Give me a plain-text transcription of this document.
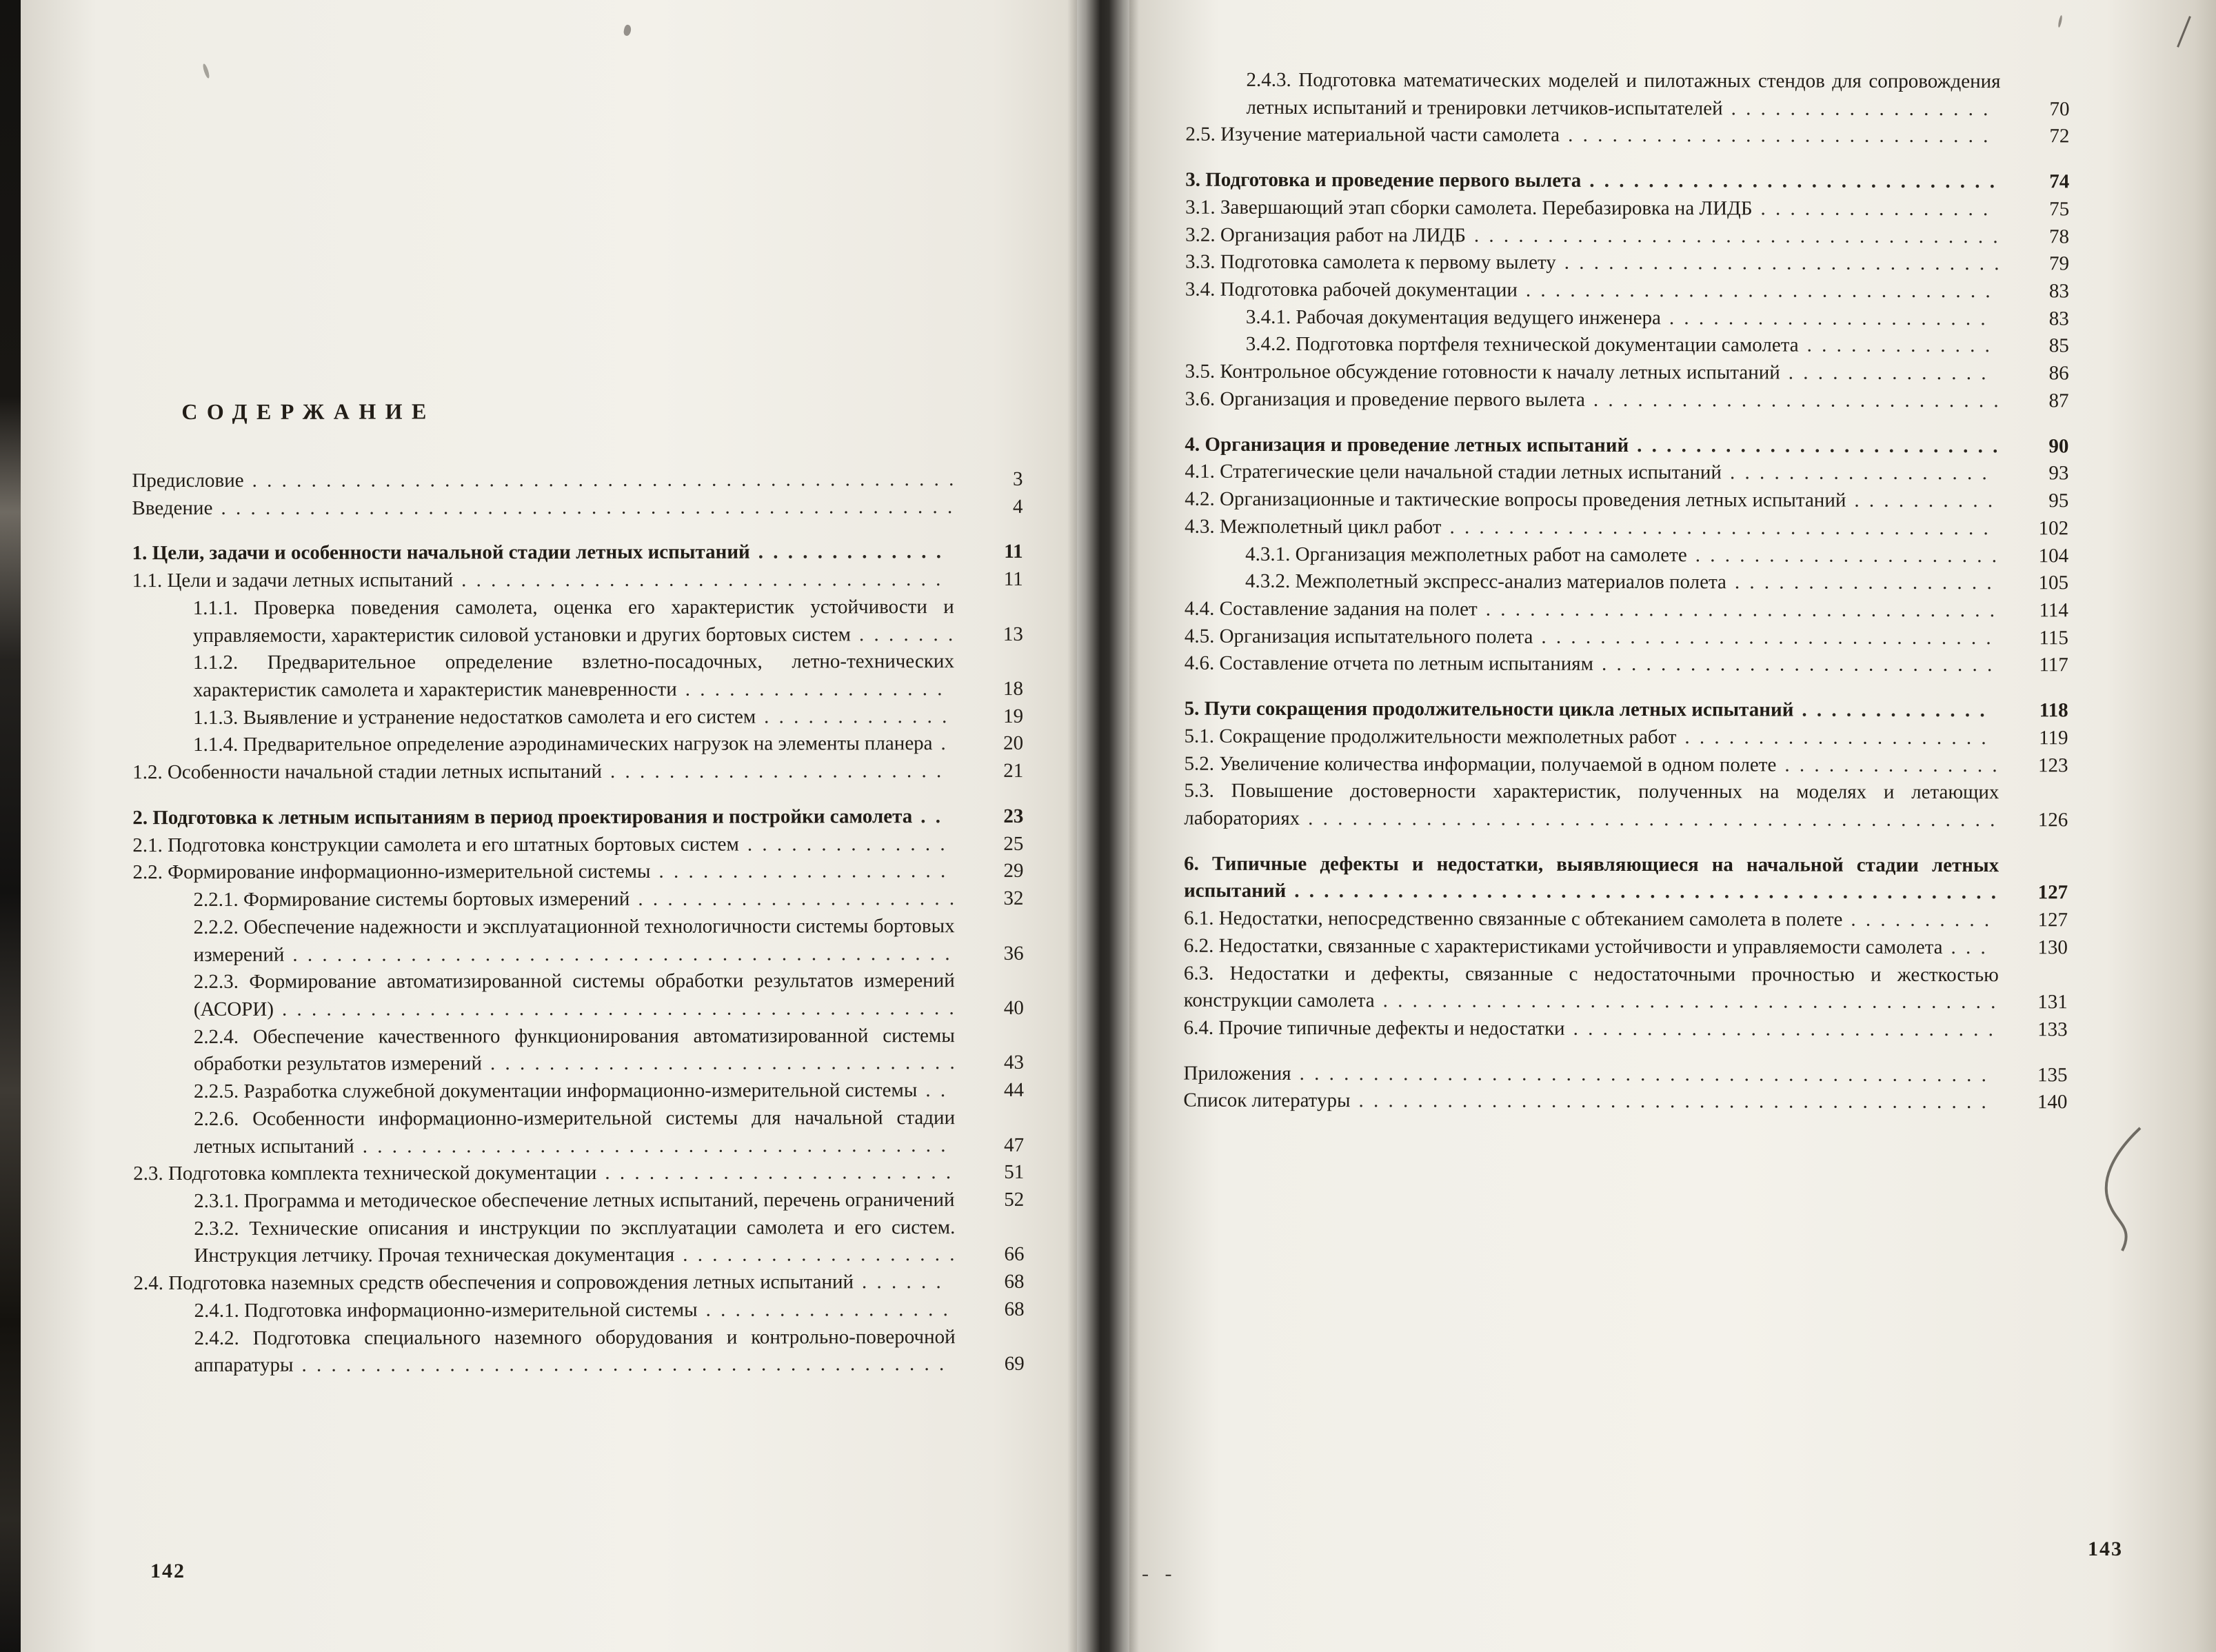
СОДЕРЖАНИЕ
Предисловие . . . . . . . . . . . . . . . . . . . . . . . . . . . . . . . . . . . . . . . . . . . . . . . .	3
Введение . . . . . . . . . . . . . . . . . . . . . . . . . . . . . . . . . . . . . . . . . . . . . . . . . .	4
1. Цели, задачи и особенности начальной стадии летных испытаний . . . . . . . . . . . . .	11
1.1. Цели и задачи летных испытаний . . . . . . . . . . . . . . . . . . . . . . . . . . . . . . . . .	11
1.1.1. Проверка поведения самолета, оценка его характеристик устойчивости и управляемости, характеристик силовой установки и других бортовых систем . . . . . . .	13
1.1.2. Предварительное определение взлетно-посадочных, летно-технических характеристик самолета и характеристик маневренности . . . . . . . . . . . . . . . . . .	18
1.1.3. Выявление и устранение недостатков самолета и его систем . . . . . . . . . . . . .	19
1.1.4. Предварительное определение аэродинамических нагрузок на элементы планера .	20
1.2. Особенности начальной стадии летных испытаний . . . . . . . . . . . . . . . . . . . . . . .	21
2. Подготовка к летным испытаниям в период проектирования и постройки самолета . .	23
2.1. Подготовка конструкции самолета и его штатных бортовых систем . . . . . . . . . . . . . .	25
2.2. Формирование информационно-измерительной системы . . . . . . . . . . . . . . . . . . . .	29
2.2.1. Формирование системы бортовых измерений . . . . . . . . . . . . . . . . . . . . . .	32
2.2.2. Обеспечение надежности и эксплуатационной технологичности системы бортовых измерений . . . . . . . . . . . . . . . . . . . . . . . . . . . . . . . . . . . . . . . . . . . . .	36
2.2.3. Формирование автоматизированной системы обработки результатов измерений (АСОРИ) . . . . . . . . . . . . . . . . . . . . . . . . . . . . . . . . . . . . . . . . . . . . . .	40
2.2.4. Обеспечение качественного функционирования автоматизированной системы обработки результатов измерений . . . . . . . . . . . . . . . . . . . . . . . . . . . . . . . .	43
2.2.5. Разработка служебной документации информационно-измерительной системы . .	44
2.2.6. Особенности информационно-измерительной системы для начальной стадии летных испытаний . . . . . . . . . . . . . . . . . . . . . . . . . . . . . . . . . . . . . . . .	47
2.3. Подготовка комплекта технической документации . . . . . . . . . . . . . . . . . . . . . . . .	51
2.3.1. Программа и методическое обеспечение летных испытаний, перечень ограничений	52
2.3.2. Технические описания и инструкции по эксплуатации самолета и его систем. Инструкция летчику. Прочая техническая документация . . . . . . . . . . . . . . . . . . .	66
2.4. Подготовка наземных средств обеспечения и сопровождения летных испытаний . . . . . .	68
2.4.1. Подготовка информационно-измерительной системы . . . . . . . . . . . . . . . . .	68
2.4.2. Подготовка специального наземного оборудования и контрольно-поверочной аппаратуры . . . . . . . . . . . . . . . . . . . . . . . . . . . . . . . . . . . . . . . . . . . .	69
2.4.3. Подготовка математических моделей и пилотажных стендов для сопровождения летных испытаний и тренировки летчиков-испытателей . . . . . . . . . . . . . . . . . .	70
2.5. Изучение материальной части самолета . . . . . . . . . . . . . . . . . . . . . . . . . . . . .	72
3. Подготовка и проведение первого вылета . . . . . . . . . . . . . . . . . . . . . . . . . . . .	74
3.1. Завершающий этап сборки самолета. Перебазировка на ЛИДБ . . . . . . . . . . . . . . . .	75
3.2. Организация работ на ЛИДБ . . . . . . . . . . . . . . . . . . . . . . . . . . . . . . . . . . . .	78
3.3. Подготовка самолета к первому вылету . . . . . . . . . . . . . . . . . . . . . . . . . . . . . .	79
3.4. Подготовка рабочей документации . . . . . . . . . . . . . . . . . . . . . . . . . . . . . . . .	83
3.4.1. Рабочая документация ведущего инженера . . . . . . . . . . . . . . . . . . . . . .	83
3.4.2. Подготовка портфеля технической документации самолета . . . . . . . . . . . . .	85
3.5. Контрольное обсуждение готовности к началу летных испытаний . . . . . . . . . . . . . .	86
3.6. Организация и проведение первого вылета . . . . . . . . . . . . . . . . . . . . . . . . . . . .	87
4. Организация и проведение летных испытаний . . . . . . . . . . . . . . . . . . . . . . . . .	90
4.1. Стратегические цели начальной стадии летных испытаний . . . . . . . . . . . . . . . . . .	93
4.2. Организационные и тактические вопросы проведения летных испытаний . . . . . . . . . .	95
4.3. Межполетный цикл работ . . . . . . . . . . . . . . . . . . . . . . . . . . . . . . . . . . . . .	102
4.3.1. Организация межполетных работ на самолете . . . . . . . . . . . . . . . . . . . . .	104
4.3.2. Межполетный экспресс-анализ материалов полета . . . . . . . . . . . . . . . . . .	105
4.4. Составление задания на полет . . . . . . . . . . . . . . . . . . . . . . . . . . . . . . . . . . .	114
4.5. Организация испытательного полета . . . . . . . . . . . . . . . . . . . . . . . . . . . . . . .	115
4.6. Составление отчета по летным испытаниям . . . . . . . . . . . . . . . . . . . . . . . . . . .	117
5. Пути сокращения продолжительности цикла летных испытаний . . . . . . . . . . . . .	118
5.1. Сокращение продолжительности межполетных работ . . . . . . . . . . . . . . . . . . . . .	119
5.2. Увеличение количества информации, получаемой в одном полете . . . . . . . . . . . . . . .	123
5.3. Повышение достоверности характеристик, полученных на моделях и летающих лабораториях . . . . . . . . . . . . . . . . . . . . . . . . . . . . . . . . . . . . . . . . . . . . . . .	126
6. Типичные дефекты и недостатки, выявляющиеся на начальной стадии летных испытаний . . . . . . . . . . . . . . . . . . . . . . . . . . . . . . . . . . . . . . . . . . . . . . . .	127
6.1. Недостатки, непосредственно связанные с обтеканием самолета в полете . . . . . . . . . .	127
6.2. Недостатки, связанные с характеристиками устойчивости и управляемости самолета . . .	130
6.3. Недостатки и дефекты, связанные с недостаточными прочностью и жесткостью конструкции самолета . . . . . . . . . . . . . . . . . . . . . . . . . . . . . . . . . . . . . . . . . .	131
6.4. Прочие типичные дефекты и недостатки . . . . . . . . . . . . . . . . . . . . . . . . . . . . .	133
Приложения . . . . . . . . . . . . . . . . . . . . . . . . . . . . . . . . . . . . . . . . . . . . . . .	135
Список литературы . . . . . . . . . . . . . . . . . . . . . . . . . . . . . . . . . . . . . . . . . . .	140
142
143
- -
